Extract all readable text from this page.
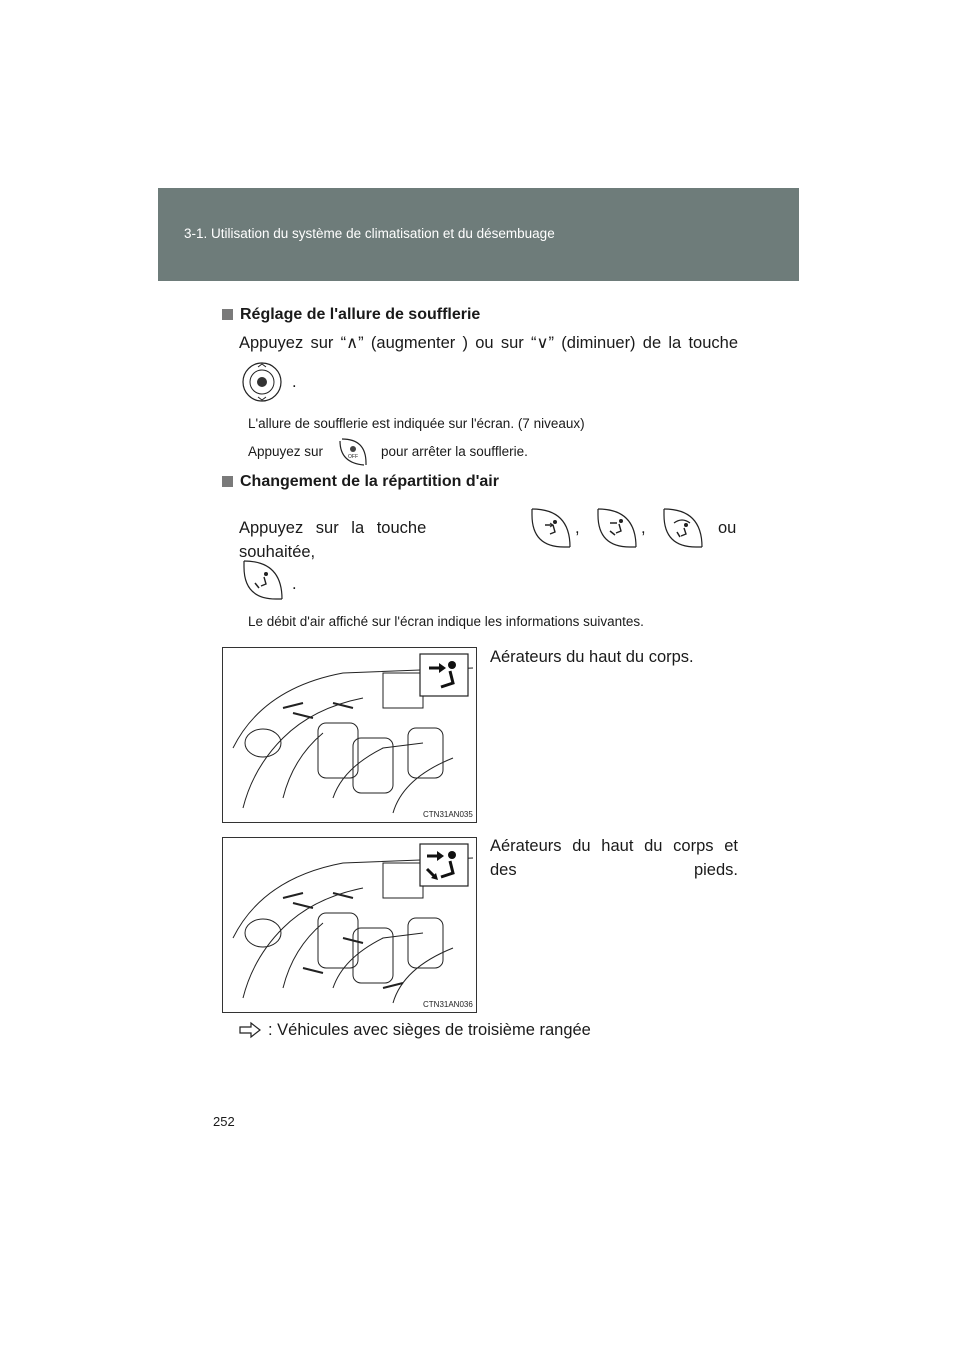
3-1. Utilisation du système de climatisation et du désembuage
Réglage de l'allure de soufflerie
Appuyez sur “∧” (augmenter ) ou sur “∨” (diminuer) de la touche
.
L'allure de soufflerie est indiquée sur l'écran. (7 niveaux)
Appuyez sur	OFF pour arrêter la soufflerie.
Changement de la répartition d'air
Appuyez sur la touche souhaitée,
,	,	ou
.
Le débit d'air affiché sur l'écran indique les informations suivantes.
CTN31AN035
Aérateurs du haut du corps.
CTN31AN036
Aérateurs du haut du corps et des pieds.
: Véhicules avec sièges de troisième rangée
252
